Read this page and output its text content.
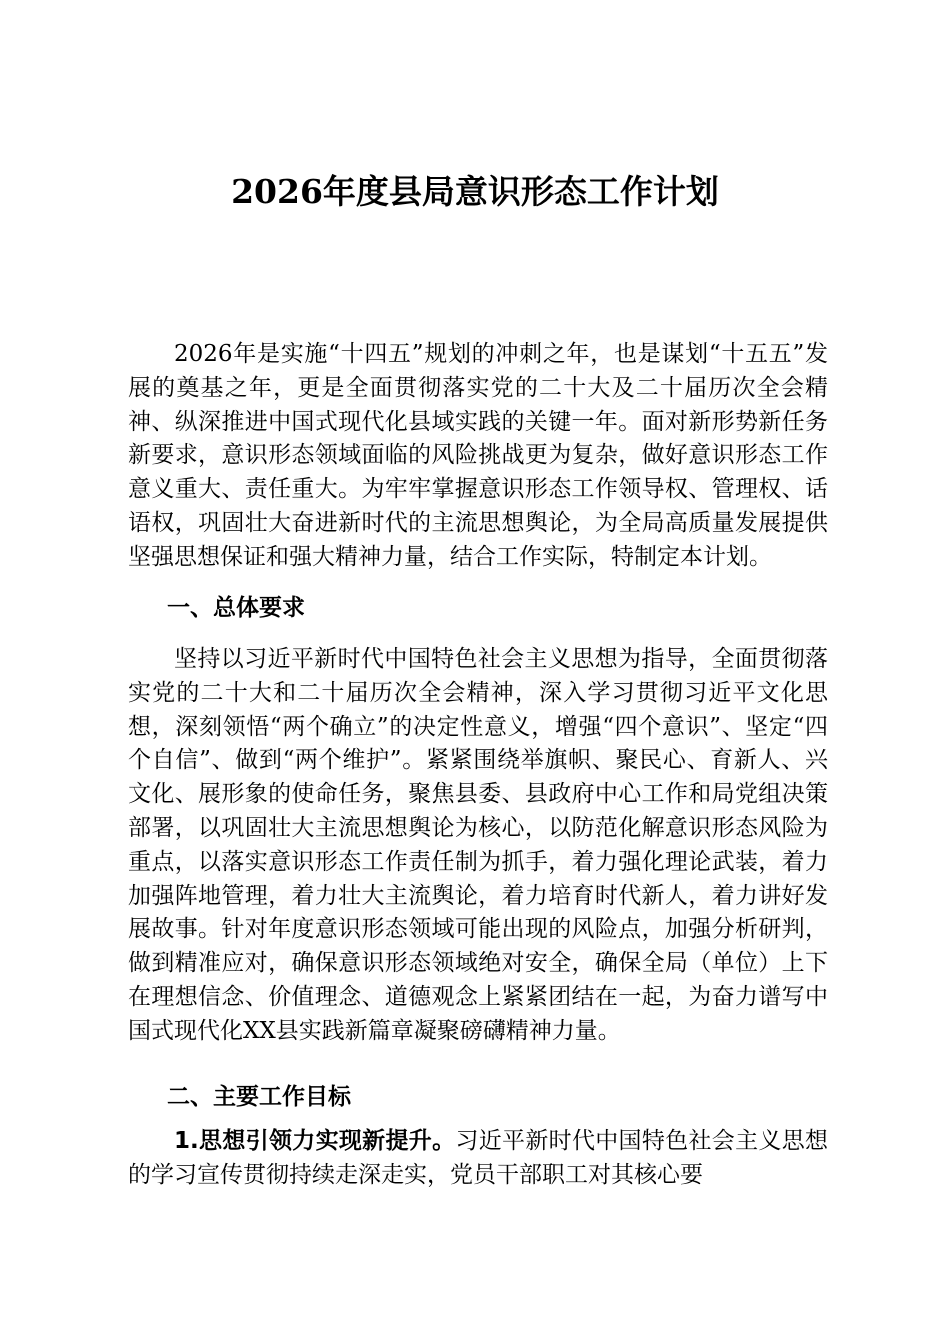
2026年度县局意识形态工作计划

2026年是实施“十四五”规划的冲刺之年，也是谋划“十五五”发展的奠基之年，更是全面贯彻落实党的二十大及二十届历次全会精神、纵深推进中国式现代化县域实践的关键一年。面对新形势新任务新要求，意识形态领域面临的风险挑战更为复杂，做好意识形态工作意义重大、责任重大。为牢牢掌握意识形态工作领导权、管理权、话语权，巩固壮大奋进新时代的主流思想舆论，为全局高质量发展提供坚强思想保证和强大精神力量，结合工作实际，特制定本计划。

一、总体要求

坚持以习近平新时代中国特色社会主义思想为指导，全面贯彻落实党的二十大和二十届历次全会精神，深入学习贯彻习近平文化思想，深刻领悟“两个确立”的决定性意义，增强“四个意识”、坚定“四个自信”、做到“两个维护”。紧紧围绕举旗帜、聚民心、育新人、兴文化、展形象的使命任务，聚焦县委、县政府中心工作和局党组决策部署，以巩固壮大主流思想舆论为核心，以防范化解意识形态风险为重点，以落实意识形态工作责任制为抓手，着力强化理论武装，着力加强阵地管理，着力壮大主流舆论，着力培育时代新人，着力讲好发展故事。针对年度意识形态领域可能出现的风险点，加强分析研判，做到精准应对，确保意识形态领域绝对安全，确保全局（单位）上下在理想信念、价值理念、道德观念上紧紧团结在一起，为奋力谱写中国式现代化XX县实践新篇章凝聚磅礴精神力量。

二、主要工作目标

1.思想引领力实现新提升。习近平新时代中国特色社会主义思想的学习宣传贯彻持续走深走实，党员干部职工对其核心要
